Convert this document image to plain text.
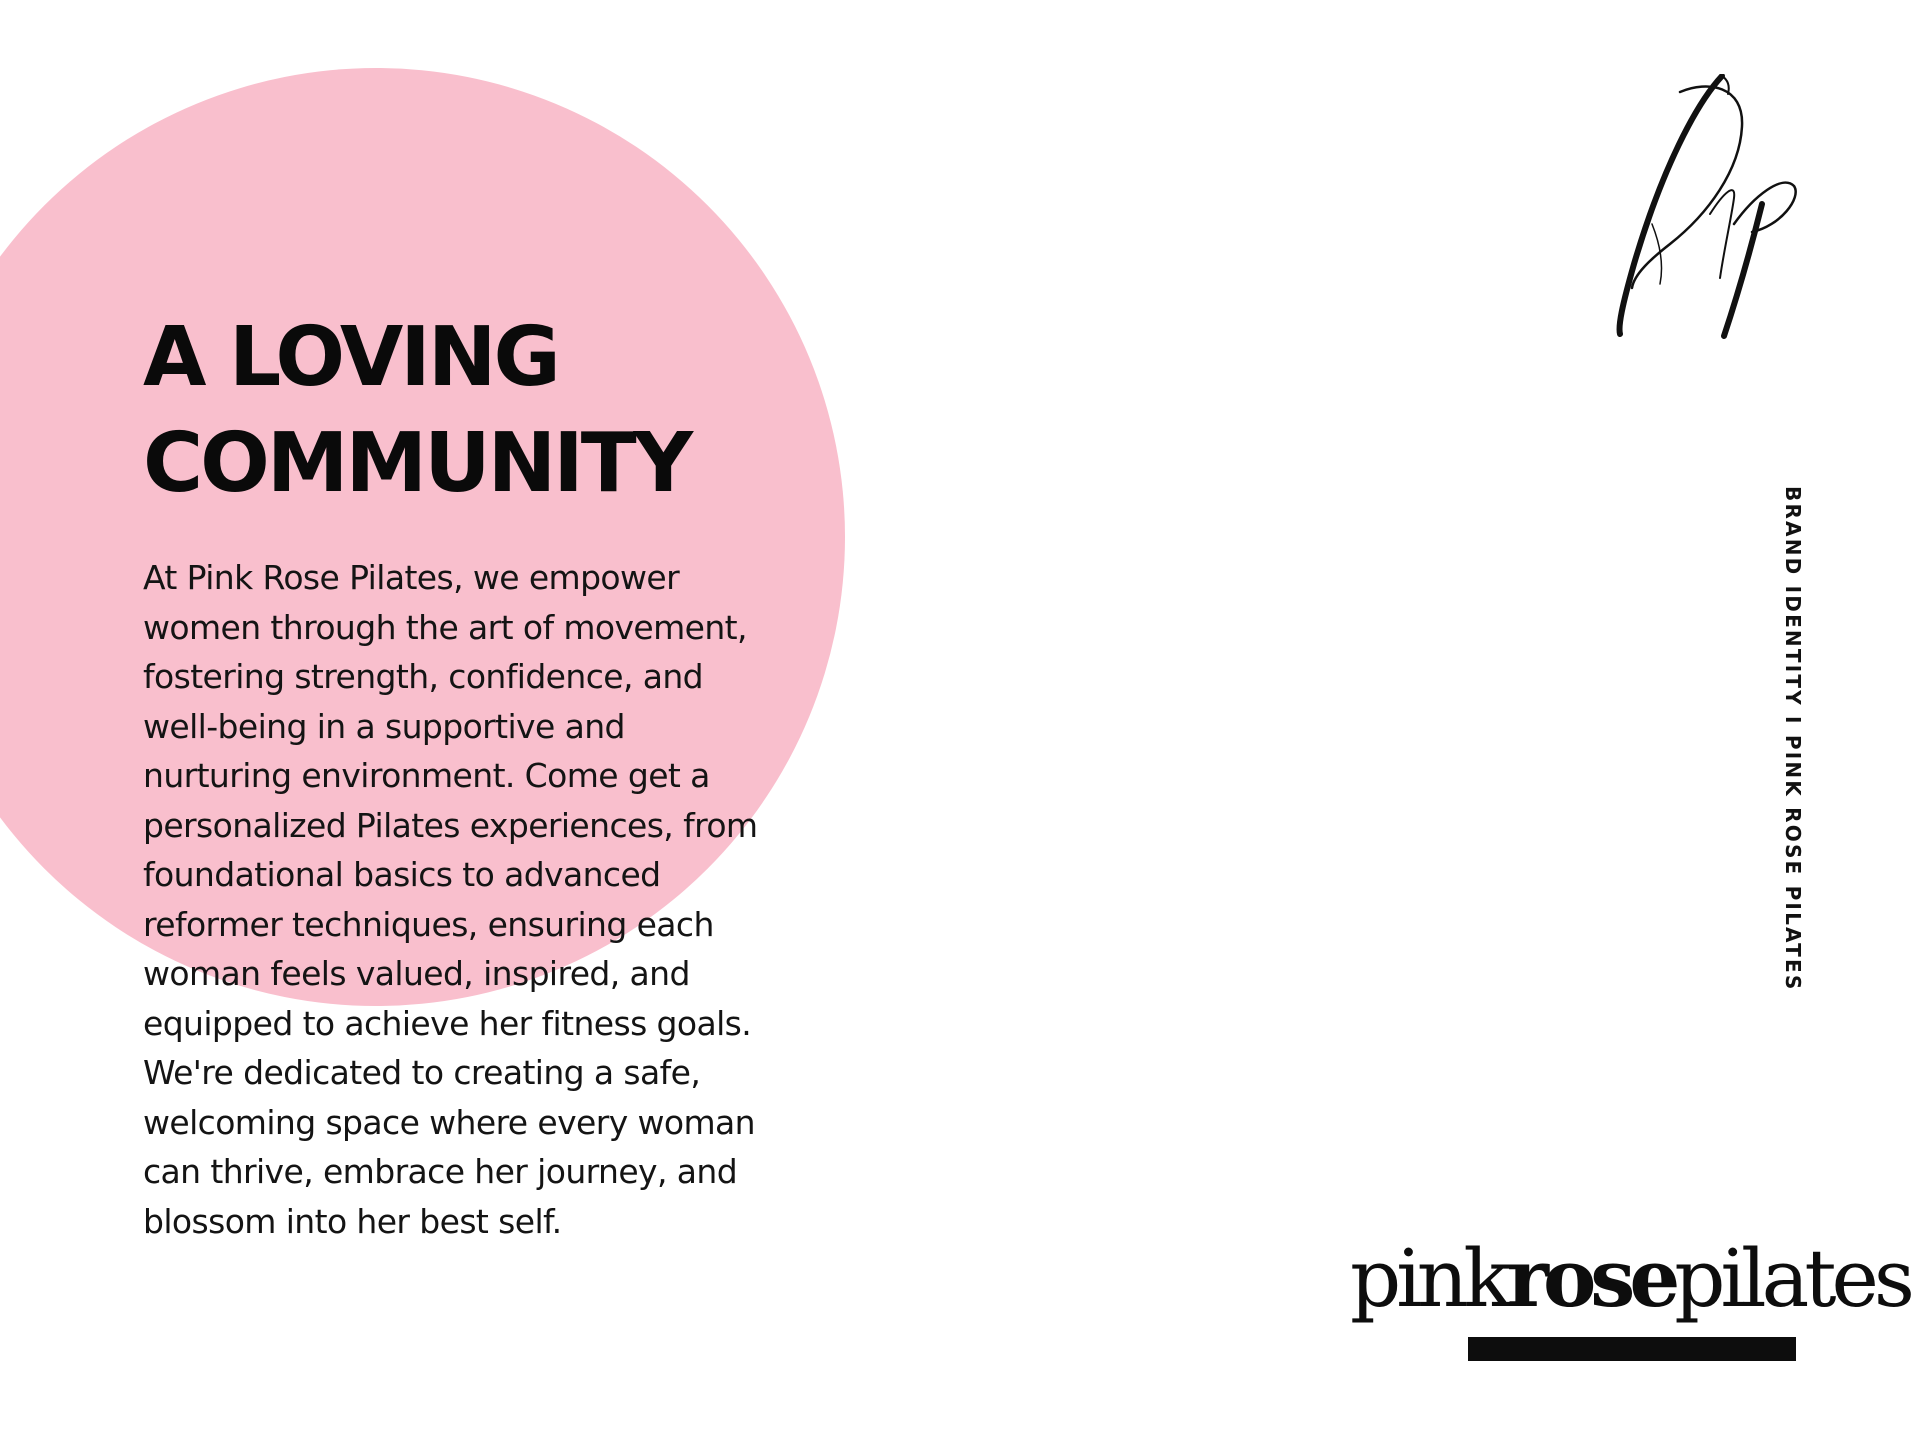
A LOVING
COMMUNITY

At Pink Rose Pilates, we empower women through the art of movement, fostering strength, confidence, and well-being in a supportive and nurturing environment. Come get a personalized Pilates experiences, from foundational basics to advanced reformer techniques, ensuring each woman feels valued, inspired, and equipped to achieve her fitness goals. We're dedicated to creating a safe, welcoming space where every woman can thrive, embrace her journey, and blossom into her best self.

BRAND IDENTITY I PINK ROSE PILATES
pinkrosepilates
